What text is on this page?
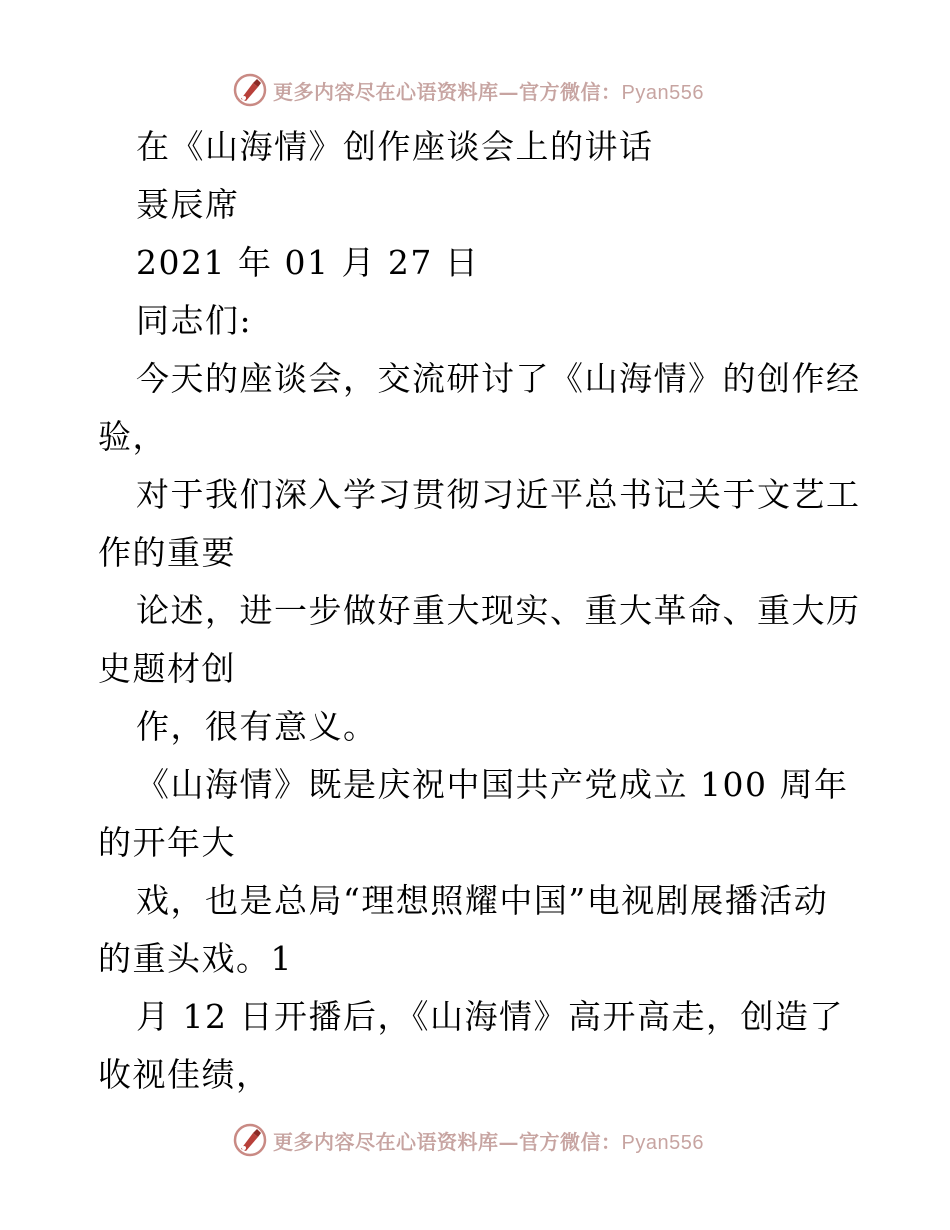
更多内容尽在心语资料库—官方微信：Pyan556
在《山海情》创作座谈会上的讲话
聂辰席
2021 年 01 月 27 日
同志们:
今天的座谈会，交流研讨了《山海情》的创作经
验，
对于我们深入学习贯彻习近平总书记关于文艺工
作的重要
论述，进一步做好重大现实、重大革命、重大历
史题材创
作，很有意义。
《山海情》既是庆祝中国共产党成立 100 周年
的开年大
戏，也是总局“理想照耀中国”电视剧展播活动
的重头戏。1
月 12 日开播后，《山海情》高开高走，创造了
收视佳绩，
更多内容尽在心语资料库—官方微信：Pyan556
